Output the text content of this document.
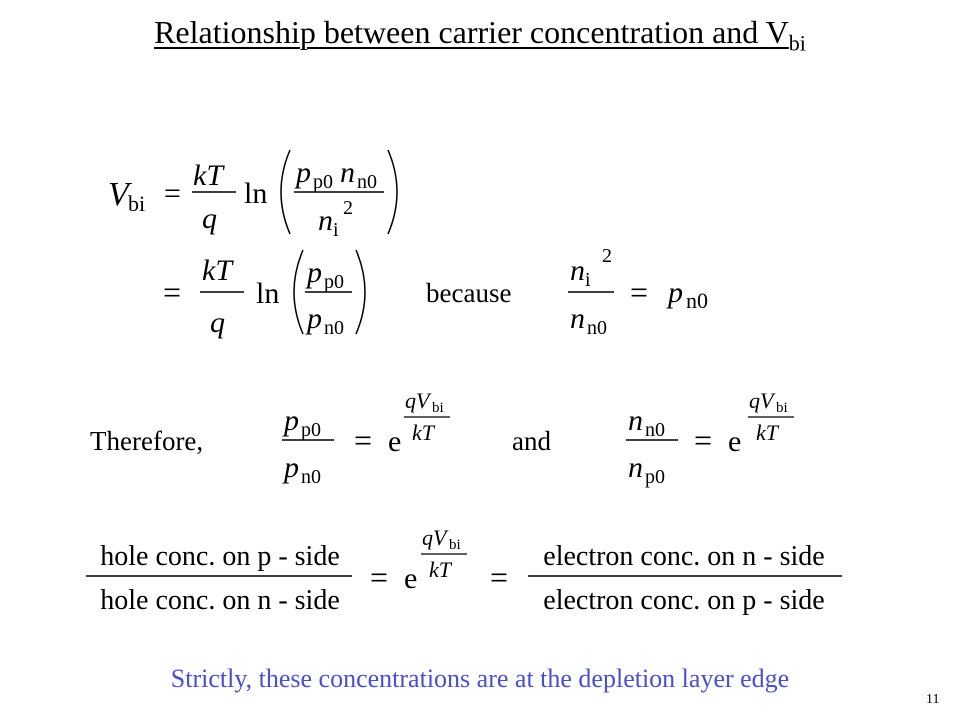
Relationship between carrier concentration and $V_{bi}$
V bi =
kT
q
ln
p p0 n n0
n i
2
=
kT
q
ln
p p0
p n0
n i
2
n n0
= p n0
p p0
p n0
= e
qV bi
kT	n n0
n p0
= e
qV bi
kT
hole conc. on p - side
hole conc. on n - side
= e
qV bi
kT =
electron conc. on n - side
electron conc. on p - side
because
Therefore,	and
Strictly, these concentrations are at the depletion layer edge
11
